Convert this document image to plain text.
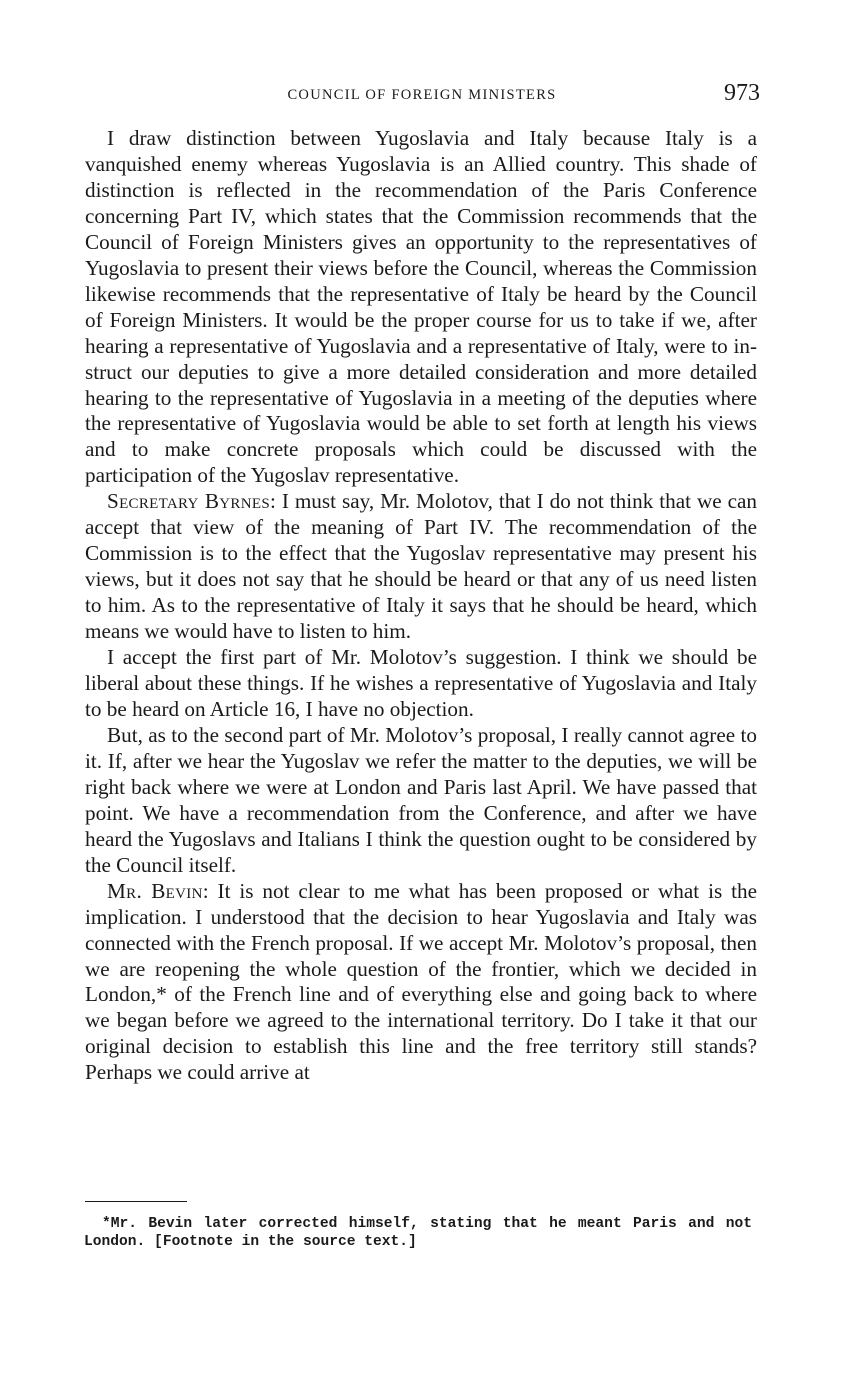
COUNCIL OF FOREIGN MINISTERS	973

I draw distinction between Yugoslavia and Italy because Italy is a vanquished enemy whereas Yugoslavia is an Allied country. This shade of distinction is reflected in the recommendation of the Paris Conference concerning Part IV, which states that the Commission recommends that the Council of Foreign Ministers gives an opportunity to the representatives of Yugoslavia to present their views before the Council, whereas the Commission likewise recommends that the representative of Italy be heard by the Council of Foreign Ministers. It would be the proper course for us to take if we, after hearing a representative of Yugoslavia and a representative of Italy, were to instruct our deputies to give a more detailed consideration and more detailed hearing to the representative of Yugoslavia in a meeting of the deputies where the representative of Yugoslavia would be able to set forth at length his views and to make concrete proposals which could be discussed with the participation of the Yugoslav representative.

Secretary Byrnes: I must say, Mr. Molotov, that I do not think that we can accept that view of the meaning of Part IV. The recommendation of the Commission is to the effect that the Yugoslav representative may present his views, but it does not say that he should be heard or that any of us need listen to him. As to the representative of Italy it says that he should be heard, which means we would have to listen to him.

I accept the first part of Mr. Molotov’s suggestion. I think we should be liberal about these things. If he wishes a representative of Yugoslavia and Italy to be heard on Article 16, I have no objection.

But, as to the second part of Mr. Molotov’s proposal, I really cannot agree to it. If, after we hear the Yugoslav we refer the matter to the deputies, we will be right back where we were at London and Paris last April. We have passed that point. We have a recommendation from the Conference, and after we have heard the Yugoslavs and Italians I think the question ought to be considered by the Council itself.

Mr. Bevin: It is not clear to me what has been proposed or what is the implication. I understood that the decision to hear Yugoslavia and Italy was connected with the French proposal. If we accept Mr. Molotov’s proposal, then we are reopening the whole question of the frontier, which we decided in London,* of the French line and of everything else and going back to where we began before we agreed to the international territory. Do I take it that our original decision to establish this line and the free territory still stands? Perhaps we could arrive at

*Mr. Bevin later corrected himself, stating that he meant Paris and not London. [Footnote in the source text.]
